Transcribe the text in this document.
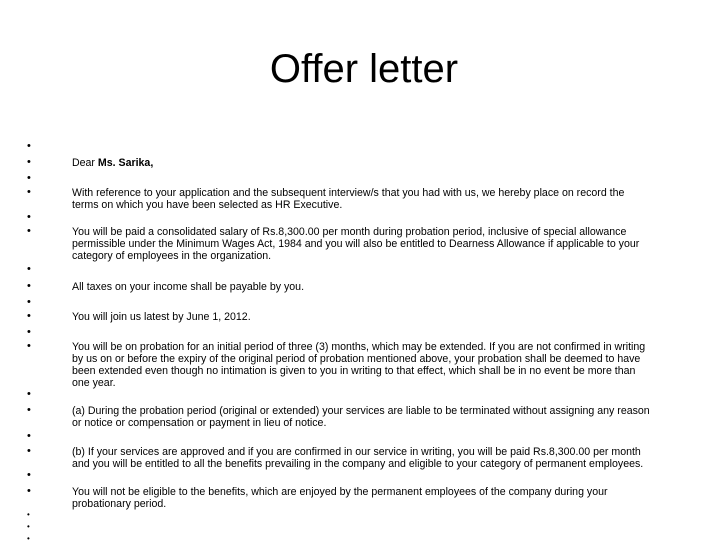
Offer letter
•
•
•
•
•
•
•
•
•
•
•
•
•
•
•
•
•
•
•
•
•
Dear Ms. Sarika,
With reference to your application and the subsequent interview/s that you had with us, we hereby place on record the
terms on which you have been selected as HR Executive.
You will be paid a consolidated salary of Rs.8,300.00 per month during probation period, inclusive of special allowance
permissible under the Minimum Wages Act, 1984 and you will also be entitled to Dearness Allowance if applicable to your
category of employees in the organization.
All taxes on your income shall be payable by you.
You will join us latest by June 1, 2012.
You will be on probation for an initial period of three (3) months, which may be extended. If you are not confirmed in writing
by us on or before the expiry of the original period of probation mentioned above, your probation shall be deemed to have
been extended even though no intimation is given to you in writing to that effect, which shall be in no event be more than
one year.
(a) During the probation period (original or extended) your services are liable to be terminated without assigning any reason
or notice or compensation or payment in lieu of notice.
(b) If your services are approved and if you are confirmed in our service in writing, you will be paid Rs.8,300.00 per month
and you will be entitled to all the benefits prevailing in the company and eligible to your category of permanent employees.
You will not be eligible to the benefits, which are enjoyed by the permanent employees of the company during your
probationary period.
